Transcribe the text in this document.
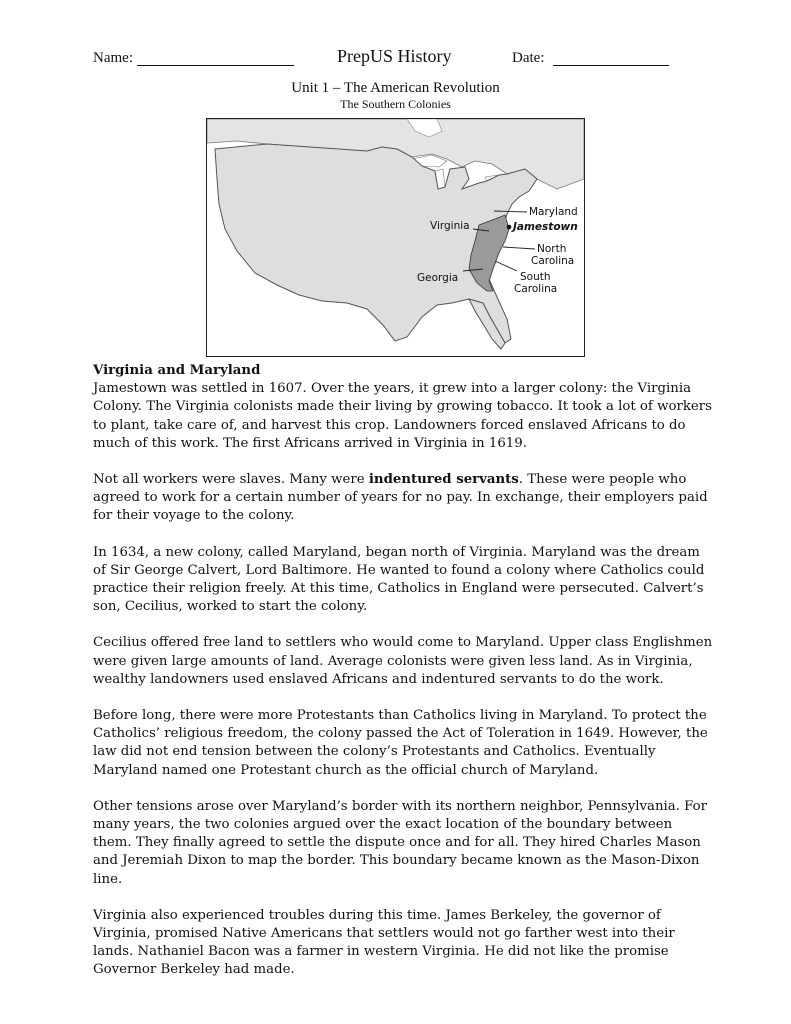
Name:	PrepUS History	Date:
Unit 1 – The American Revolution
The Southern Colonies
Maryland
Jamestown
Virginia
North
Carolina
Georgia	South
Carolina
Virginia and Maryland

Jamestown was settled in 1607. Over the years, it grew into a larger colony: the Virginia Colony. The Virginia colonists made their living by growing tobacco. It took a lot of workers to plant, take care of, and harvest this crop. Landowners forced enslaved Africans to do much of this work. The first Africans arrived in Virginia in 1619.

Not all workers were slaves. Many were indentured servants. These were people who agreed to work for a certain number of years for no pay. In exchange, their employers paid for their voyage to the colony.

In 1634, a new colony, called Maryland, began north of Virginia. Maryland was the dream of Sir George Calvert, Lord Baltimore. He wanted to found a colony where Catholics could practice their religion freely. At this time, Catholics in England were persecuted. Calvert’s son, Cecilius, worked to start the colony.

Cecilius offered free land to settlers who would come to Maryland. Upper class Englishmen were given large amounts of land. Average colonists were given less land. As in Virginia, wealthy landowners used enslaved Africans and indentured servants to do the work.

Before long, there were more Protestants than Catholics living in Maryland. To protect the Catholics’ religious freedom, the colony passed the Act of Toleration in 1649. However, the law did not end tension between the colony’s Protestants and Catholics. Eventually Maryland named one Protestant church as the official church of Maryland.

Other tensions arose over Maryland’s border with its northern neighbor, Pennsylvania. For many years, the two colonies argued over the exact location of the boundary between them. They finally agreed to settle the dispute once and for all. They hired Charles Mason and Jeremiah Dixon to map the border. This boundary became known as the Mason-Dixon line.

Virginia also experienced troubles during this time. James Berkeley, the governor of Virginia, promised Native Americans that settlers would not go farther west into their lands. Nathaniel Bacon was a farmer in western Virginia. He did not like the promise Governor Berkeley had made.
